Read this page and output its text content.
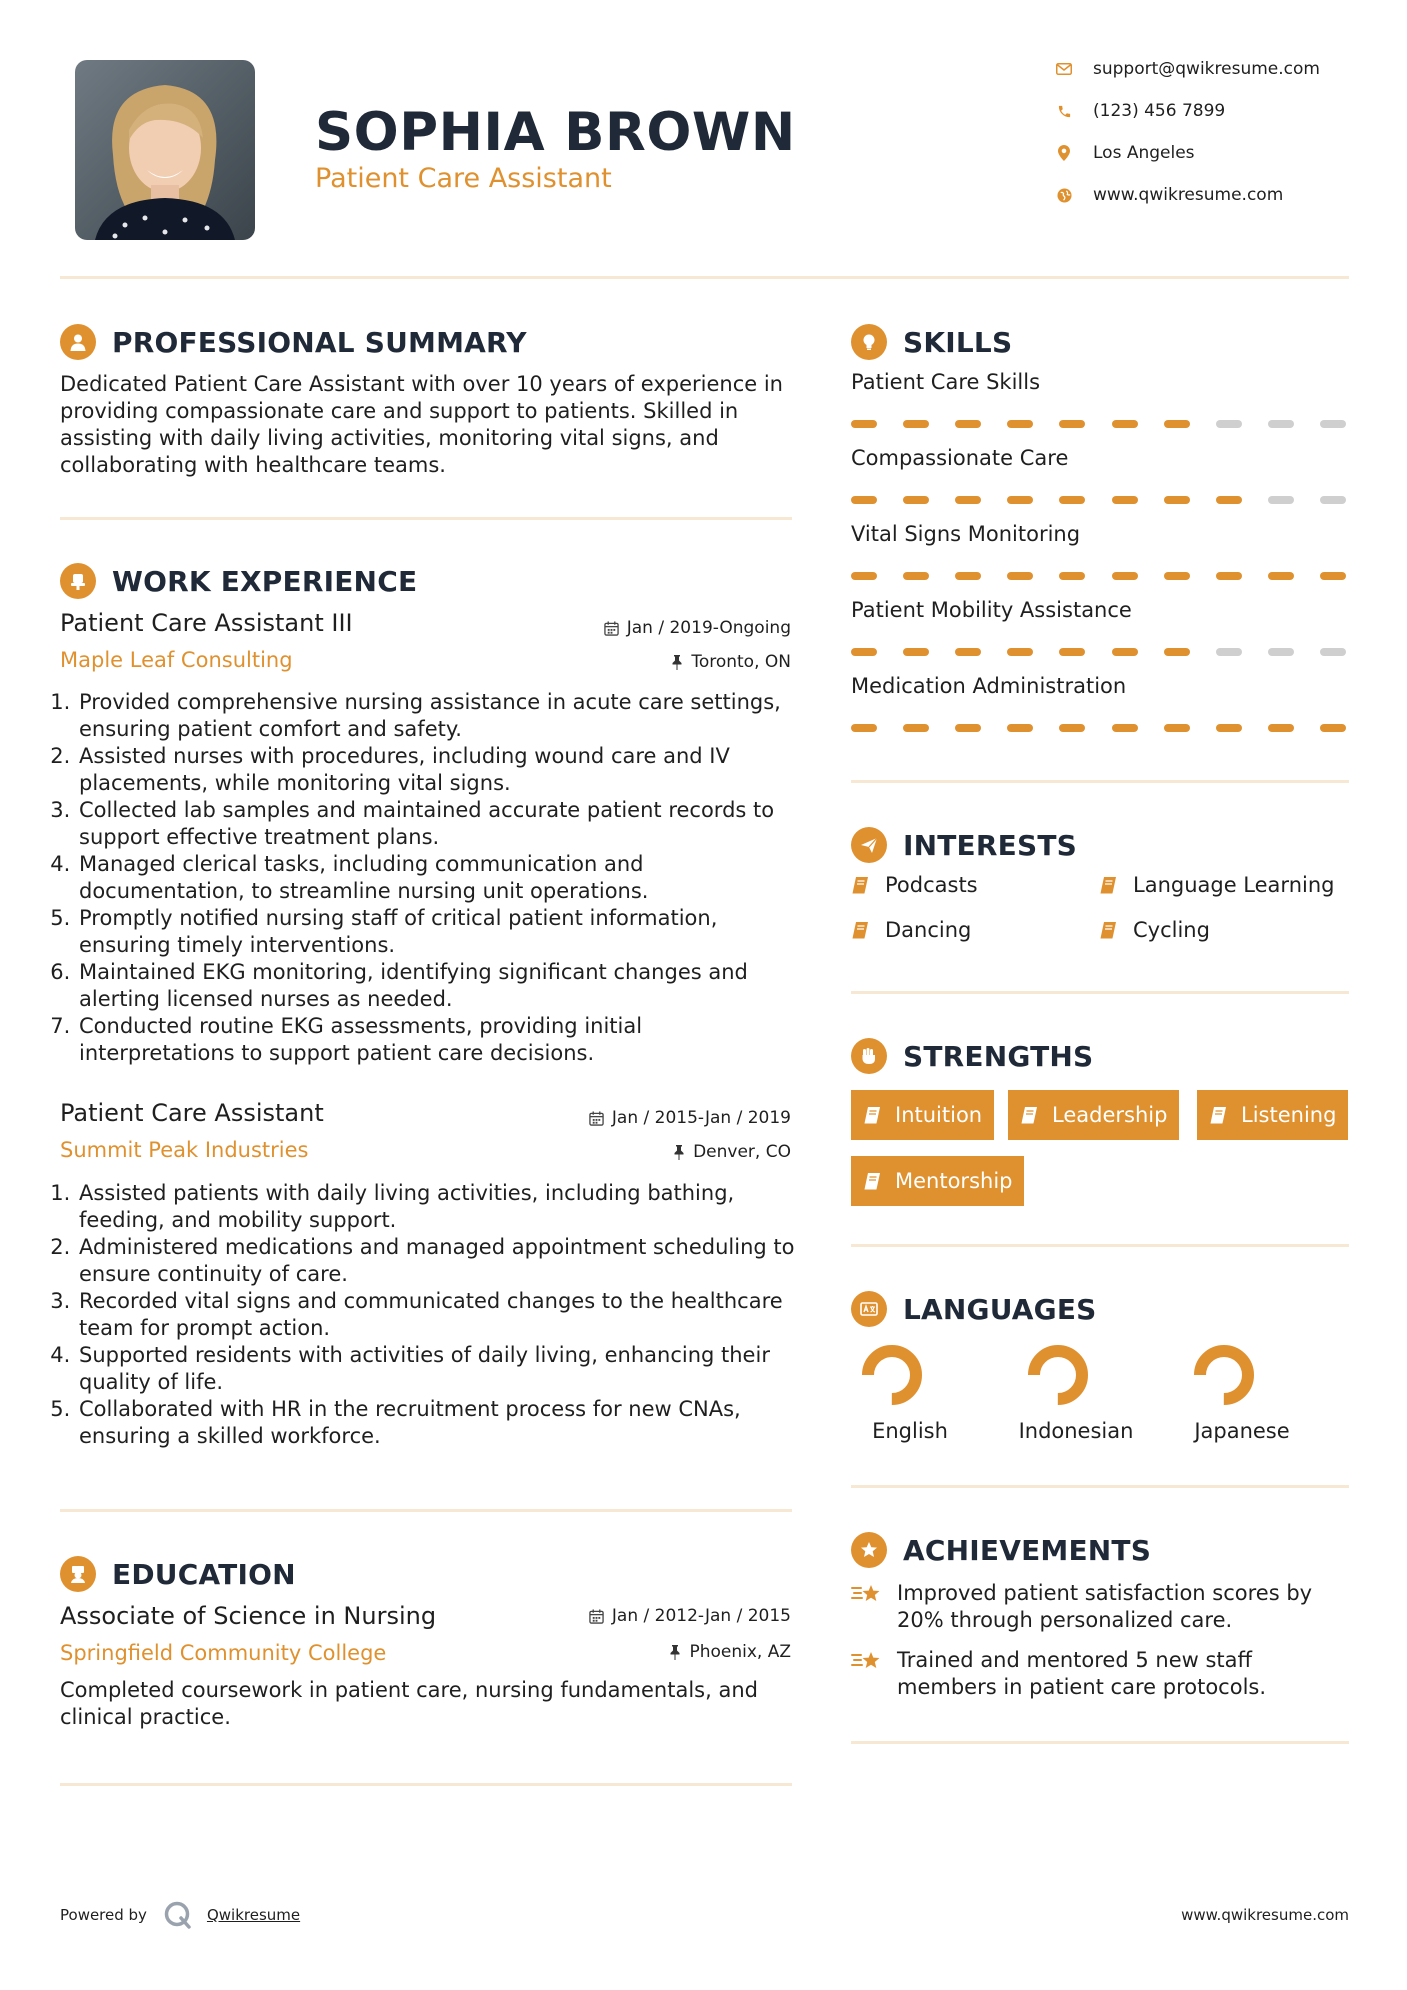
SOPHIA BROWN
Patient Care Assistant
support@qwikresume.com
(123) 456 7899
Los Angeles
www.qwikresume.com
PROFESSIONAL SUMMARY
Dedicated Patient Care Assistant with over 10 years of experience in providing compassionate care and support to patients. Skilled in assisting with daily living activities, monitoring vital signs, and collaborating with healthcare teams.
WORK EXPERIENCE
Patient Care Assistant III	Jan / 2019-Ongoing
Maple Leaf Consulting	Toronto, ON
1. Provided comprehensive nursing assistance in acute care settings, ensuring patient comfort and safety.
2. Assisted nurses with procedures, including wound care and IV placements, while monitoring vital signs.
3. Collected lab samples and maintained accurate patient records to support effective treatment plans.
4. Managed clerical tasks, including communication and documentation, to streamline nursing unit operations.
5. Promptly notified nursing staff of critical patient information, ensuring timely interventions.
6. Maintained EKG monitoring, identifying significant changes and alerting licensed nurses as needed.
7. Conducted routine EKG assessments, providing initial interpretations to support patient care decisions.
Patient Care Assistant	Jan / 2015-Jan / 2019
Summit Peak Industries	Denver, CO
1. Assisted patients with daily living activities, including bathing, feeding, and mobility support.
2. Administered medications and managed appointment scheduling to ensure continuity of care.
3. Recorded vital signs and communicated changes to the healthcare team for prompt action.
4. Supported residents with activities of daily living, enhancing their quality of life.
5. Collaborated with HR in the recruitment process for new CNAs, ensuring a skilled workforce.
EDUCATION
Associate of Science in Nursing	Jan / 2012-Jan / 2015
Springfield Community College	Phoenix, AZ
Completed coursework in patient care, nursing fundamentals, and clinical practice.
SKILLS
Patient Care Skills
Compassionate Care
Vital Signs Monitoring
Patient Mobility Assistance
Medication Administration
INTERESTS
Podcasts	Language Learning
Dancing	Cycling
STRENGTHS
Intuition	Leadership	Listening
Mentorship
LANGUAGES
English	Indonesian	Japanese
ACHIEVEMENTS
Improved patient satisfaction scores by 20% through personalized care.
Trained and mentored 5 new staff members in patient care protocols.
Powered by	Qwikresume	www.qwikresume.com
